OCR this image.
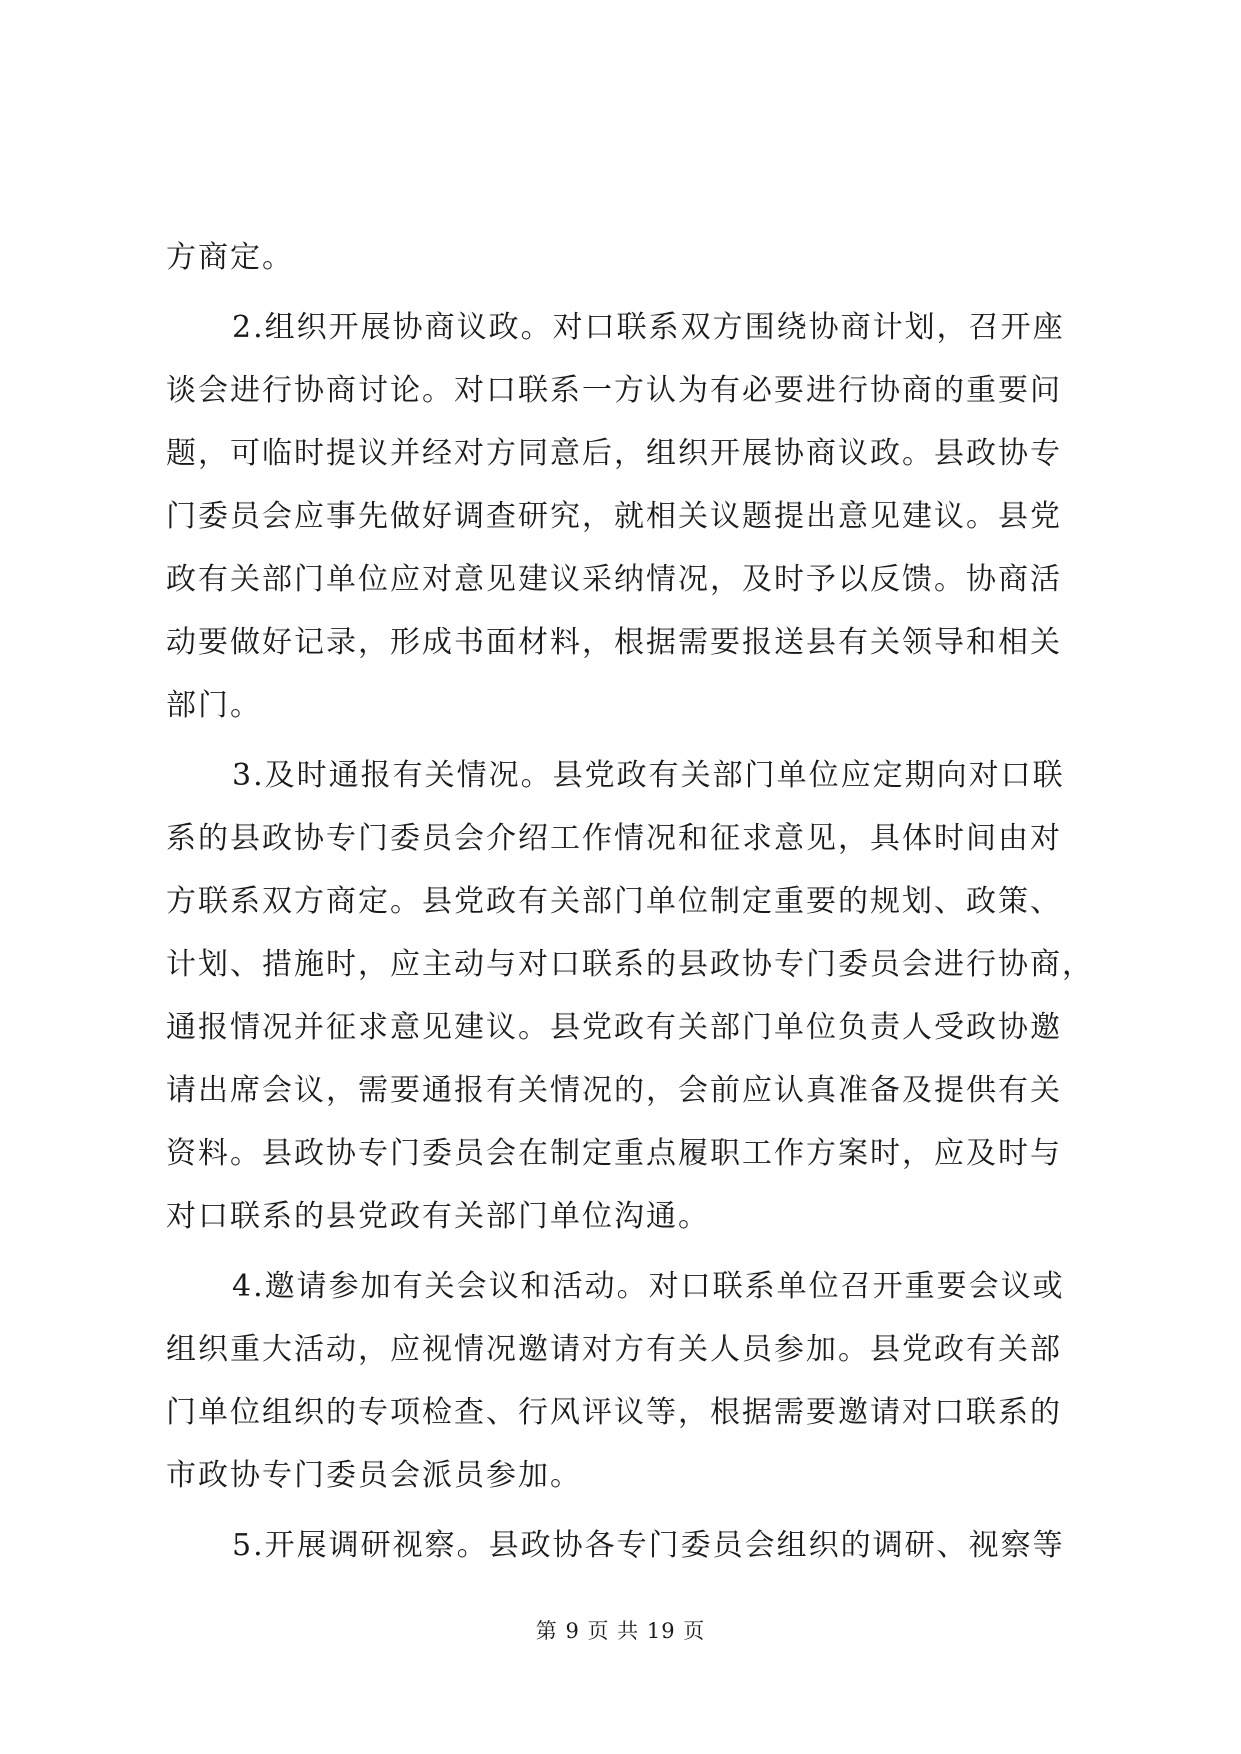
方商定。
2.组织开展协商议政。对口联系双方围绕协商计划，召开座
谈会进行协商讨论。对口联系一方认为有必要进行协商的重要问
题，可临时提议并经对方同意后，组织开展协商议政。县政协专
门委员会应事先做好调查研究，就相关议题提出意见建议。县党
政有关部门单位应对意见建议采纳情况，及时予以反馈。协商活
动要做好记录，形成书面材料，根据需要报送县有关领导和相关
部门。
3.及时通报有关情况。县党政有关部门单位应定期向对口联
系的县政协专门委员会介绍工作情况和征求意见，具体时间由对
方联系双方商定。县党政有关部门单位制定重要的规划、政策、
计划、措施时，应主动与对口联系的县政协专门委员会进行协商，
通报情况并征求意见建议。县党政有关部门单位负责人受政协邀
请出席会议，需要通报有关情况的，会前应认真准备及提供有关
资料。县政协专门委员会在制定重点履职工作方案时，应及时与
对口联系的县党政有关部门单位沟通。
4.邀请参加有关会议和活动。对口联系单位召开重要会议或
组织重大活动，应视情况邀请对方有关人员参加。县党政有关部
门单位组织的专项检查、行风评议等，根据需要邀请对口联系的
市政协专门委员会派员参加。
5.开展调研视察。县政协各专门委员会组织的调研、视察等
第 9 页 共 19 页
